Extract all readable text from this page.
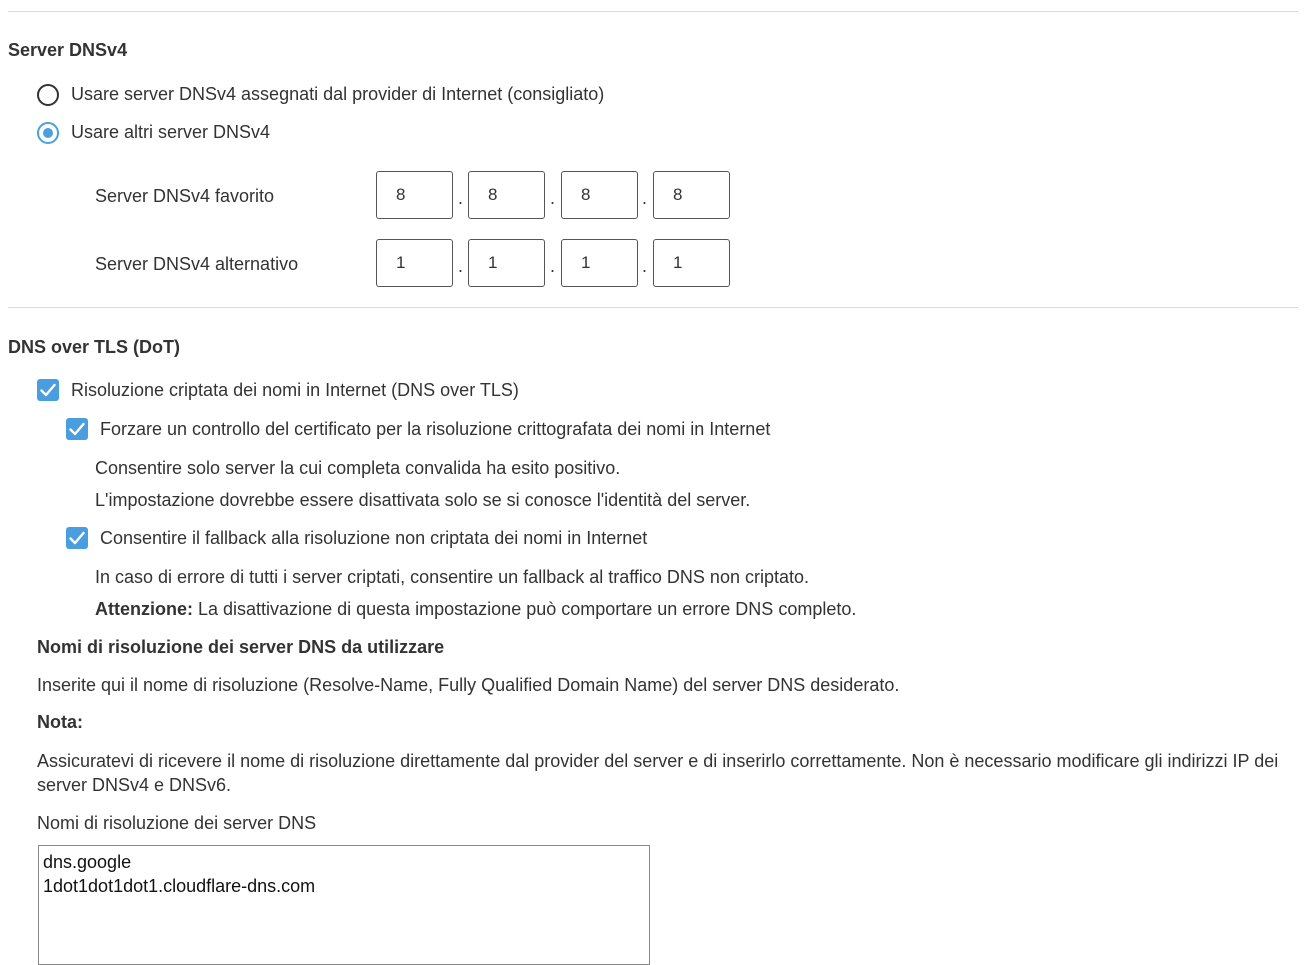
Server DNSv4
Usare server DNSv4 assegnati dal provider di Internet (consigliato)
Usare altri server DNSv4
Server DNSv4 favorito	8	.	8	.	8	.	8
Server DNSv4 alternativo	1	.	1	.	1	.	1
DNS over TLS (DoT)
Risoluzione criptata dei nomi in Internet (DNS over TLS)
Forzare un controllo del certificato per la risoluzione crittografata dei nomi in Internet
Consentire solo server la cui completa convalida ha esito positivo.
L'impostazione dovrebbe essere disattivata solo se si conosce l'identità del server.
Consentire il fallback alla risoluzione non criptata dei nomi in Internet
In caso di errore di tutti i server criptati, consentire un fallback al traffico DNS non criptato.
Attenzione: La disattivazione di questa impostazione può comportare un errore DNS completo.
Nomi di risoluzione dei server DNS da utilizzare
Inserite qui il nome di risoluzione (Resolve-Name, Fully Qualified Domain Name) del server DNS desiderato.
Nota:
Assicuratevi di ricevere il nome di risoluzione direttamente dal provider del server e di inserirlo correttamente. Non è necessario modificare gli indirizzi IP dei server DNSv4 e DNSv6.
Nomi di risoluzione dei server DNS
dns.google
1dot1dot1dot1.cloudflare-dns.com
